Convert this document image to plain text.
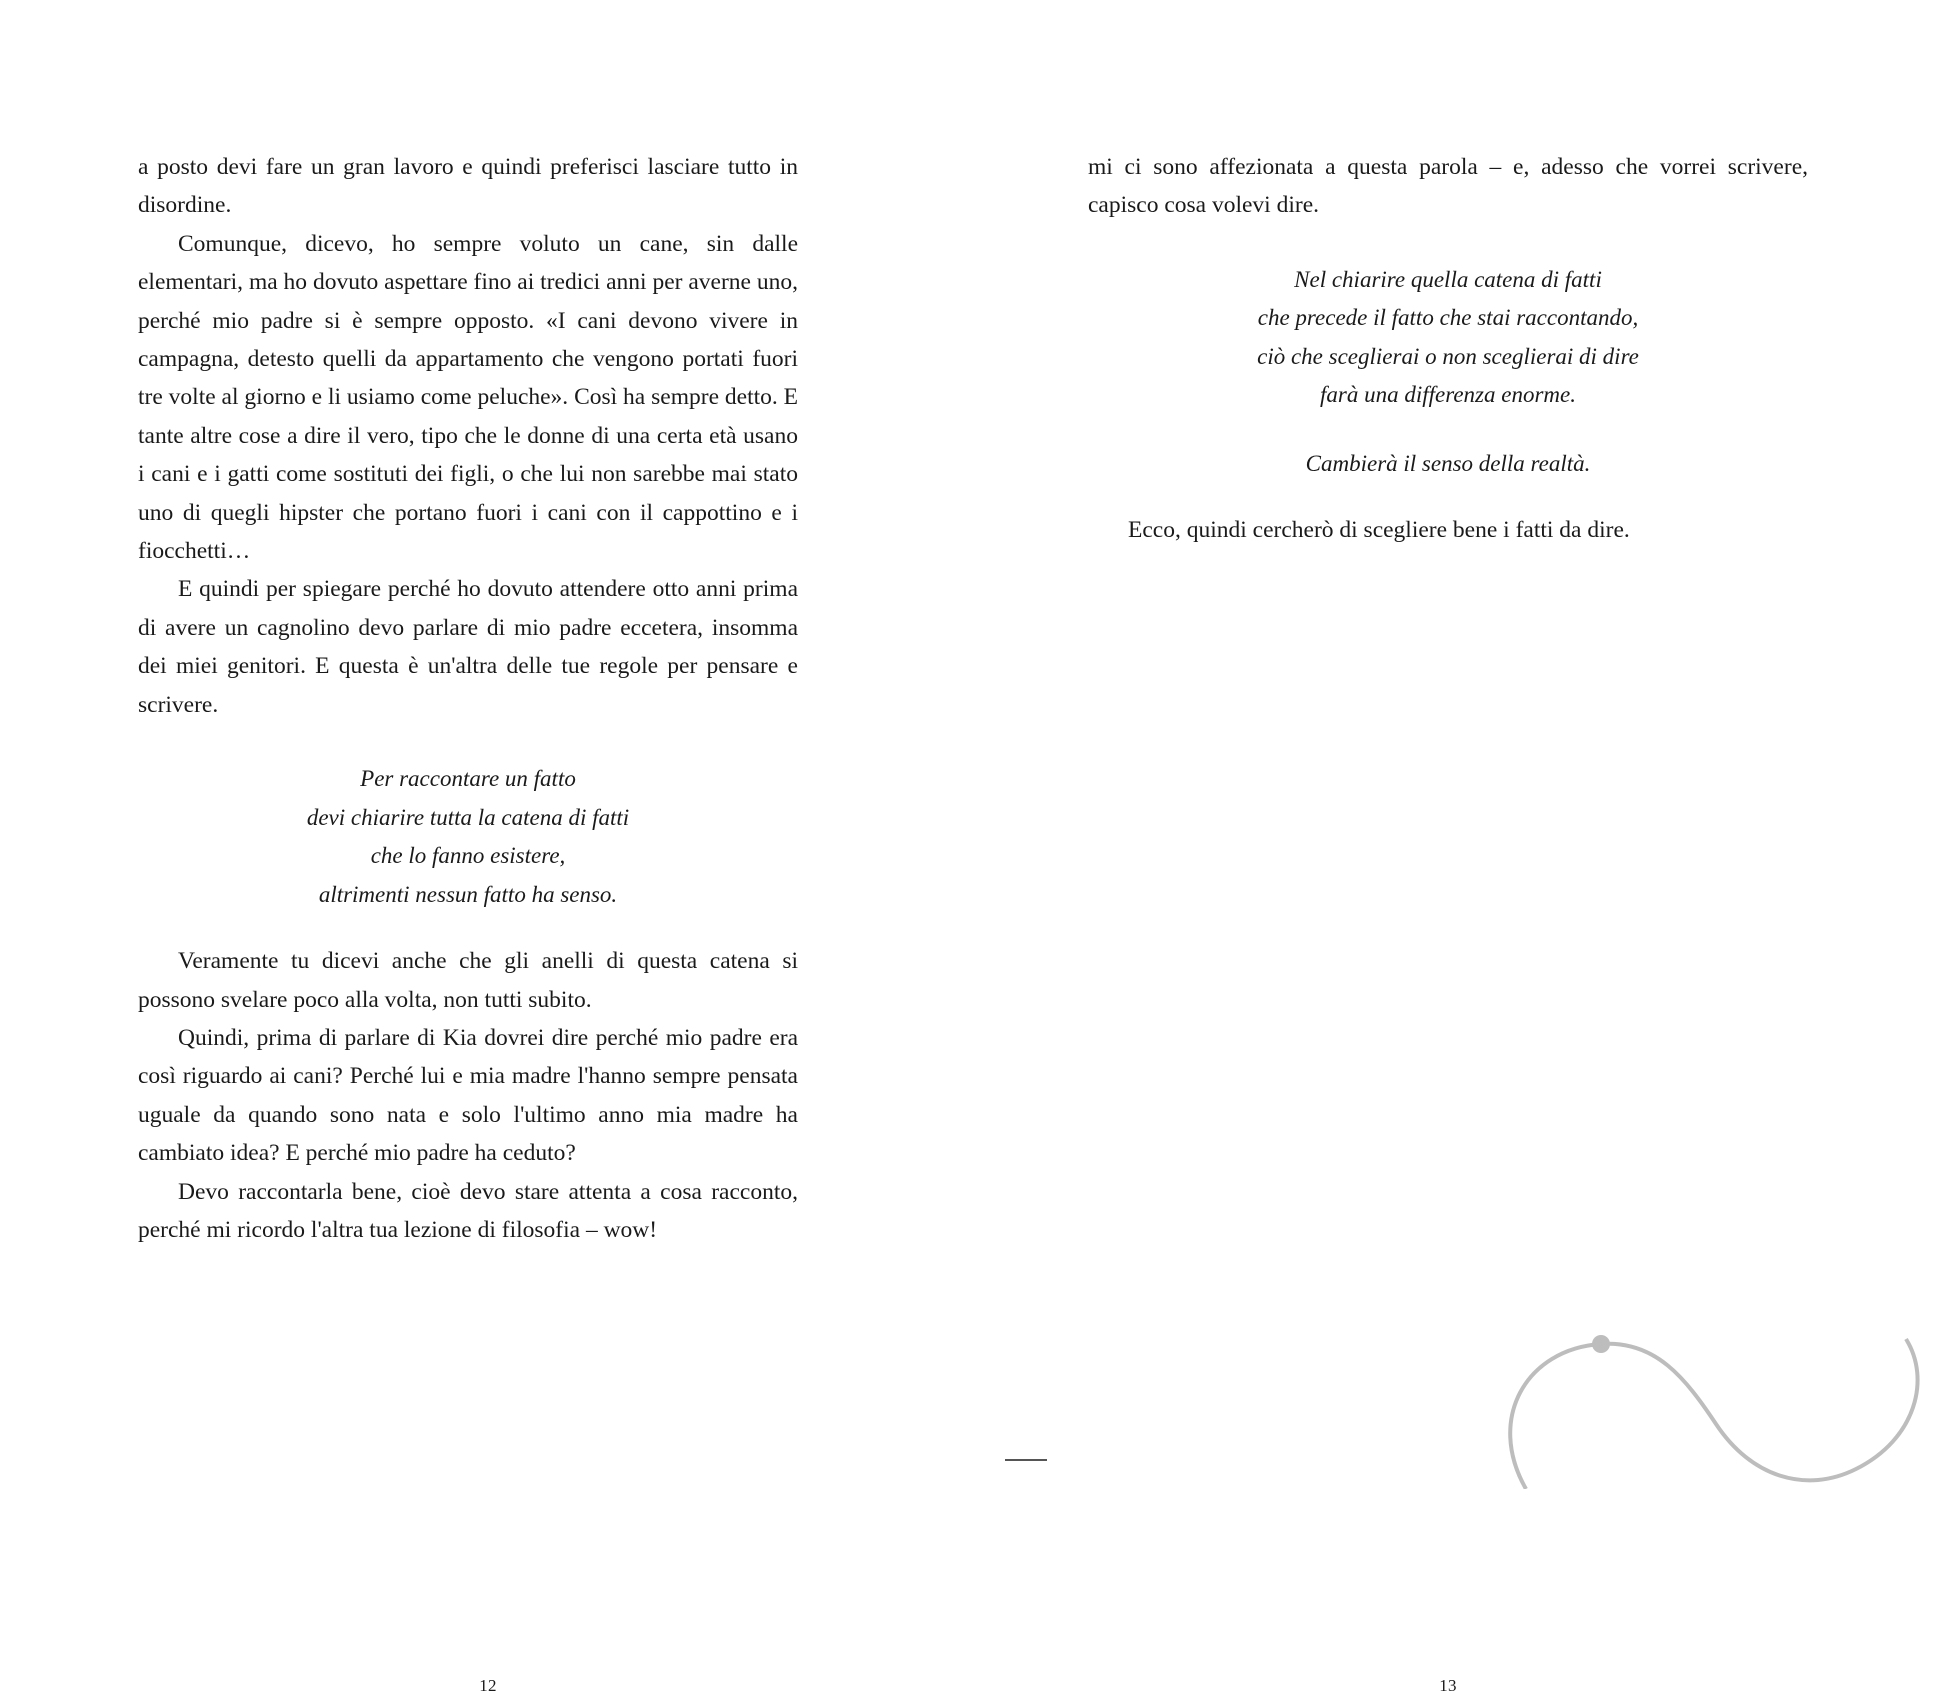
a posto devi fare un gran lavoro e quindi preferisci lasciare tutto in disordine.

Comunque, dicevo, ho sempre voluto un cane, sin dalle elementari, ma ho dovuto aspettare fino ai tredici anni per averne uno, perché mio padre si è sempre opposto. «I cani devono vivere in campagna, detesto quelli da appartamento che vengono portati fuori tre volte al giorno e li usiamo come peluche». Così ha sempre detto. E tante altre cose a dire il vero, tipo che le donne di una certa età usano i cani e i gatti come sostituti dei figli, o che lui non sarebbe mai stato uno di quegli hipster che portano fuori i cani con il cappottino e i fiocchetti…

E quindi per spiegare perché ho dovuto attendere otto anni prima di avere un cagnolino devo parlare di mio padre eccetera, insomma dei miei genitori. E questa è un'altra delle tue regole per pensare e scrivere.

Per raccontare un fatto
devi chiarire tutta la catena di fatti
che lo fanno esistere,
altrimenti nessun fatto ha senso.

Veramente tu dicevi anche che gli anelli di questa catena si possono svelare poco alla volta, non tutti subito.

Quindi, prima di parlare di Kia dovrei dire perché mio padre era così riguardo ai cani? Perché lui e mia madre l'hanno sempre pensata uguale da quando sono nata e solo l'ultimo anno mia madre ha cambiato idea? E perché mio padre ha ceduto?

Devo raccontarla bene, cioè devo stare attenta a cosa racconto, perché mi ricordo l'altra tua lezione di filosofia – wow!

12

mi ci sono affezionata a questa parola – e, adesso che vorrei scrivere, capisco cosa volevi dire.

Nel chiarire quella catena di fatti
che precede il fatto che stai raccontando,
ciò che sceglierai o non sceglierai di dire
farà una differenza enorme.
Cambierà il senso della realtà.

Ecco, quindi cercherò di scegliere bene i fatti da dire.

13
